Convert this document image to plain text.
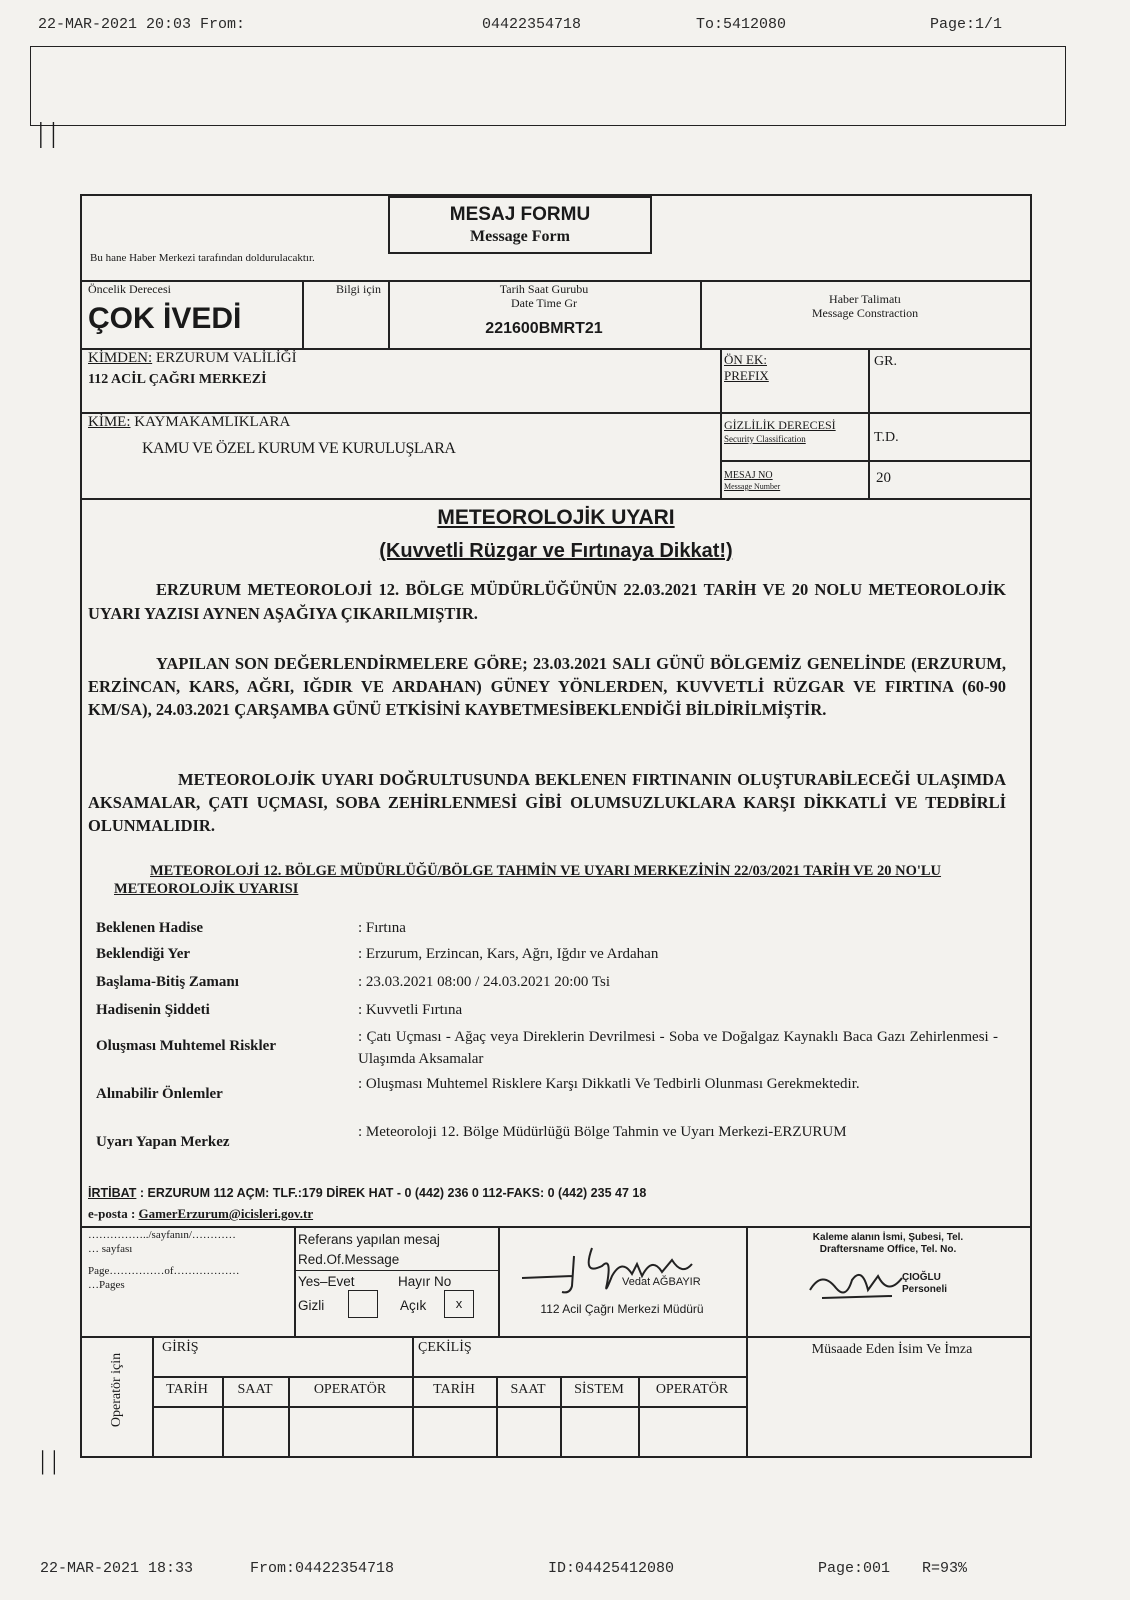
22-MAR-2021 20:03 From:	04422354718	To:5412080	Page:1/1
| |
| |
MESAJ FORMU
Message Form
Bu hane Haber Merkezi tarafından doldurulacaktır.
Öncelik Derecesi
ÇOK İVEDİ
Bilgi için	Tarih Saat Gurubu
Date Time Gr
221600BMRT21
Haber Talimatı
Message Constraction
KİMDEN: ERZURUM VALİLİĞİ
112 ACİL ÇAĞRI MERKEZİ
ÖN EK:
PREFIX
GR.
KİME: KAYMAKAMLIKLARA
KAMU VE ÖZEL KURUM VE KURULUŞLARA
GİZLİLİK DERECESİ
Security Classification	T.D.
MESAJ NO
Message Number
20
METEOROLOJİK UYARI
(Kuvvetli Rüzgar ve Fırtınaya Dikkat!)

ERZURUM METEOROLOJİ 12. BÖLGE MÜDÜRLÜĞÜNÜN 22.03.2021 TARİH VE 20 NOLU METEOROLOJİK UYARI YAZISI AYNEN AŞAĞIYA ÇIKARILMIŞTIR.

YAPILAN SON DEĞERLENDİRMELERE GÖRE; 23.03.2021 SALI GÜNÜ BÖLGEMİZ GENELİNDE (ERZURUM, ERZİNCAN, KARS, AĞRI, IĞDIR VE ARDAHAN) GÜNEY YÖNLERDEN, KUVVETLİ RÜZGAR VE FIRTINA (60-90 KM/SA), 24.03.2021 ÇARŞAMBA GÜNÜ ETKİSİNİ KAYBETMESİBEKLENDİĞİ BİLDİRİLMİŞTİR.

METEOROLOJİK UYARI DOĞRULTUSUNDA BEKLENEN FIRTINANIN OLUŞTURABİLECEĞİ ULAŞIMDA AKSAMALAR, ÇATI UÇMASI, SOBA ZEHİRLENMESİ GİBİ OLUMSUZLUKLARA KARŞI DİKKATLİ VE TEDBİRLİ OLUNMALIDIR.

METEOROLOJİ 12. BÖLGE MÜDÜRLÜĞÜ/BÖLGE TAHMİN VE UYARI MERKEZİNİN 22/03/2021 TARİH VE 20 NO'LU METEOROLOJİK UYARISI

Beklenen Hadise	: Fırtına
Beklendiği Yer	: Erzurum, Erzincan, Kars, Ağrı, Iğdır ve Ardahan
Başlama-Bitiş Zamanı	: 23.03.2021 08:00 / 24.03.2021 20:00 Tsi
Hadisenin Şiddeti	: Kuvvetli Fırtına
Oluşması Muhtemel Riskler
: Çatı Uçması - Ağaç veya Direklerin Devrilmesi - Soba ve Doğalgaz Kaynaklı Baca Gazı Zehirlenmesi - Ulaşımda Aksamalar
Alınabilir Önlemler
: Oluşması Muhtemel Risklere Karşı Dikkatli Ve Tedbirli Olunması Gerekmektedir.
Uyarı Yapan Merkez
: Meteoroloji 12. Bölge Müdürlüğü Bölge Tahmin ve Uyarı Merkezi-ERZURUM
İRTİBAT : ERZURUM 112 AÇM: TLF.:179 DİREK HAT - 0 (442) 236 0 112-FAKS: 0 (442) 235 47 18
e-posta : GamerErzurum@icisleri.gov.tr
……………../sayfanın/…………
… sayfası
Page……………of………………
…Pages
Referans yapılan mesaj
Red.Of.Message
Yes–Evet	Hayır No
Gizli	Açık	x
Vedat AĞBAYIR
112 Acil Çağrı Merkezi Müdürü
Kaleme alanın İsmi, Şubesi, Tel.
Draftersname Office, Tel. No.
ÇIOĞLU
Personeli
Operatör için
GİRİŞ	ÇEKİLİŞ	Müsaade Eden İsim Ve İmza
TARİH	SAAT	OPERATÖR	TARİH	SAAT	SİSTEM	OPERATÖR
22-MAR-2021 18:33	From:04422354718	ID:04425412080	Page:001 R=93%
